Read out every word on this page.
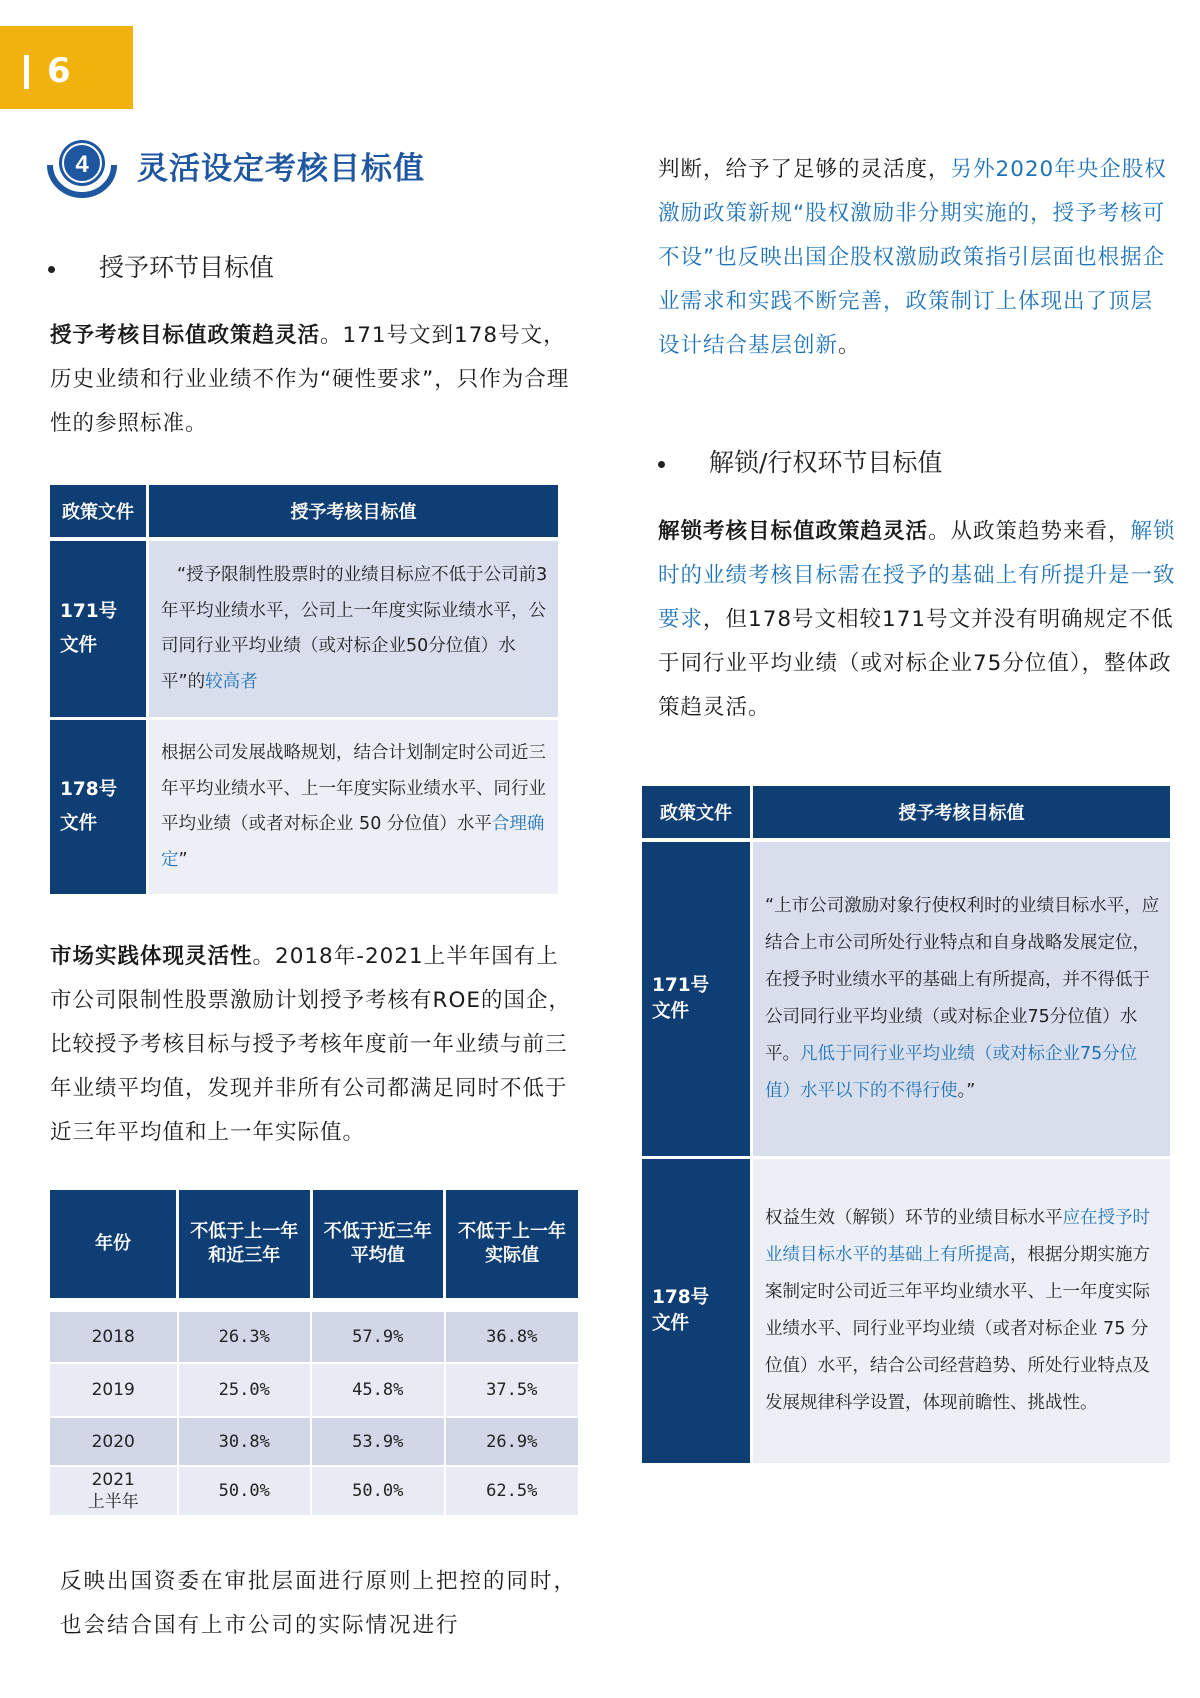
6
4 灵活设定考核目标值
授予环节目标值
授予考核目标值政策趋灵活。171号文到178号文，历史业绩和行业业绩不作为“硬性要求”，只作为合理性的参照标准。
政策文件	授予考核目标值
171号
文件	“授予限制性股票时的业绩目标应不低于公司前3年平均业绩水平，公司上一年度实际业绩水平，公司同行业平均业绩（或对标企业50分位值）水平”的较高者
178号
文件	根据公司发展战略规划，结合计划制定时公司近三年平均业绩水平、上一年度实际业绩水平、同行业平均业绩（或者对标企业 50 分位值）水平合理确定”
市场实践体现灵活性。2018年-2021上半年国有上市公司限制性股票激励计划授予考核有ROE的国企，比较授予考核目标与授予考核年度前一年业绩与前三年业绩平均值，发现并非所有公司都满足同时不低于近三年平均值和上一年实际值。
年份	不低于上一年和近三年	不低于近三年平均值	不低于上一年实际值

2018	26.3%	57.9%	36.8%
2019	25.0%	45.8%	37.5%
2020	30.8%	53.9%	26.9%
2021
上半年	50.0%	50.0%	62.5%
反映出国资委在审批层面进行原则上把控的同时，也会结合国有上市公司的实际情况进行
判断，给予了足够的灵活度，另外2020年央企股权激励政策新规“股权激励非分期实施的，授予考核可不设”也反映出国企股权激励政策指引层面也根据企业需求和实践不断完善，政策制订上体现出了顶层设计结合基层创新。
解锁/行权环节目标值
解锁考核目标值政策趋灵活。从政策趋势来看，解锁时的业绩考核目标需在授予的基础上有所提升是一致要求，但178号文相较171号文并没有明确规定不低于同行业平均业绩（或对标企业75分位值），整体政策趋灵活。
政策文件	授予考核目标值
171号
文件	“上市公司激励对象行使权利时的业绩目标水平，应结合上市公司所处行业特点和自身战略发展定位，在授予时业绩水平的基础上有所提高，并不得低于公司同行业平均业绩（或对标企业75分位值）水平。凡低于同行业平均业绩（或对标企业75分位值）水平以下的不得行使。”
178号
文件	权益生效（解锁）环节的业绩目标水平应在授予时业绩目标水平的基础上有所提高，根据分期实施方案制定时公司近三年平均业绩水平、上一年度实际业绩水平、同行业平均业绩（或者对标企业 75 分位值）水平，结合公司经营趋势、所处行业特点及发展规律科学设置，体现前瞻性、挑战性。
